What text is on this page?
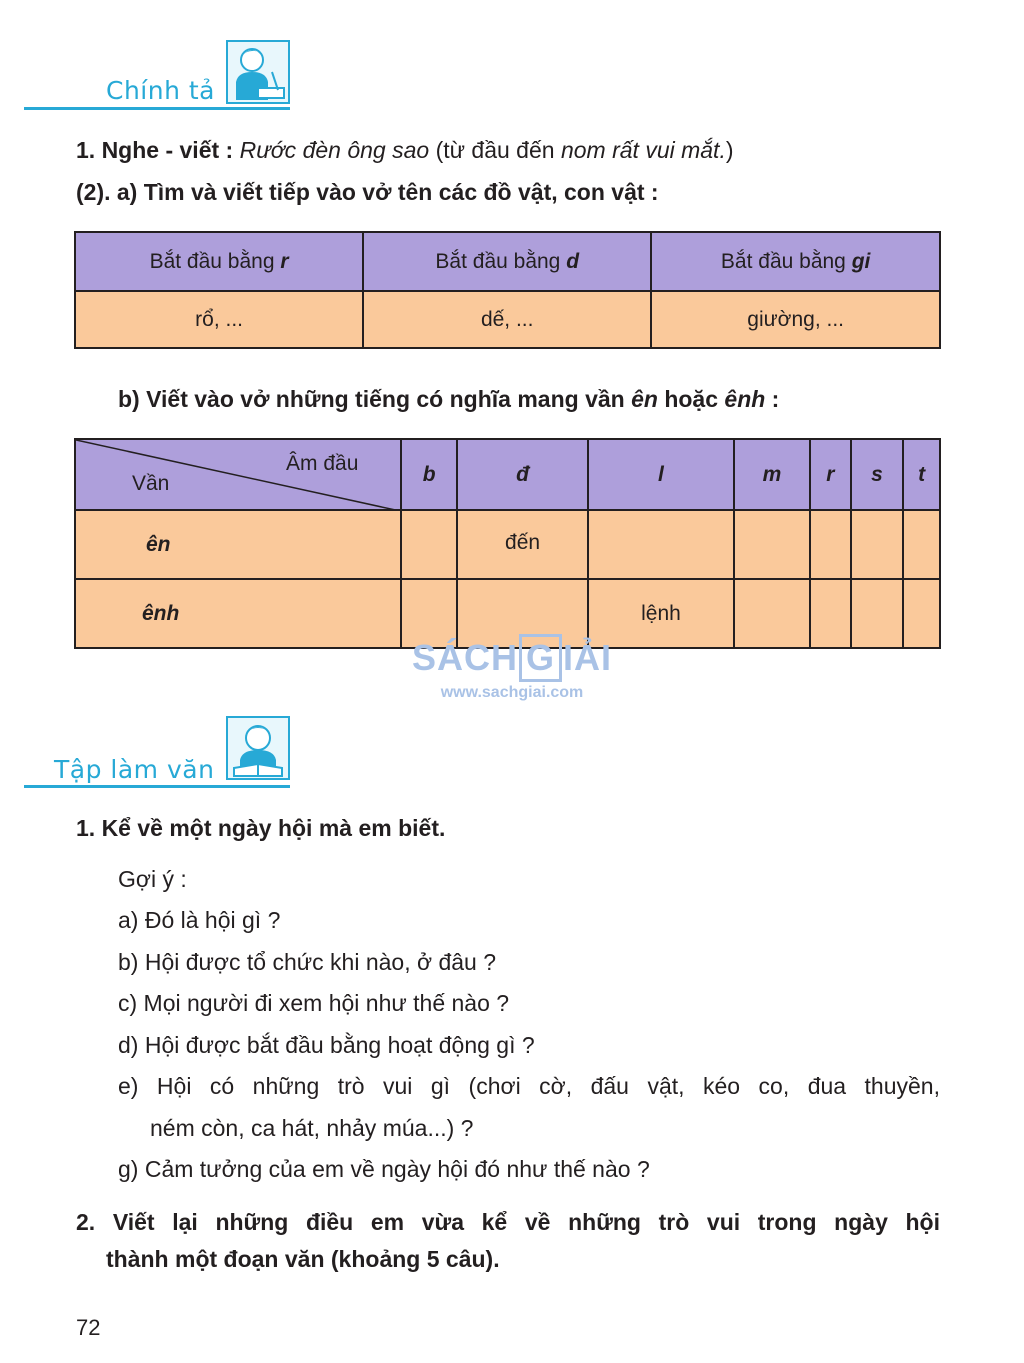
Chính tả
1. Nghe - viết : Rước đèn ông sao (từ đầu đến nom rất vui mắt.)
(2). a) Tìm và viết tiếp vào vở tên các đồ vật, con vật :
Bắt đầu bằng r	Bắt đầu bằng d	Bắt đầu bằng gi
rổ, ...	dế, ...	giường, ...
b) Viết vào vở những tiếng có nghĩa mang vần ên hoặc ênh :
Âm đầu
Vần	b	đ	l	m	r	s	t
ên		đến					
ênh			lệnh				
SÁCH G IẢI
www.sachgiai.com
Tập làm văn
1. Kể về một ngày hội mà em biết.
Gợi ý :
a) Đó là hội gì ?
b) Hội được tổ chức khi nào, ở đâu ?
c) Mọi người đi xem hội như thế nào ?
d) Hội được bắt đầu bằng hoạt động gì ?
e) Hội có những trò vui gì (chơi cờ, đấu vật, kéo co, đua thuyền,
ném còn, ca hát, nhảy múa...) ?
g) Cảm tưởng của em về ngày hội đó như thế nào ?
2. Viết lại những điều em vừa kể về những trò vui trong ngày hội
thành một đoạn văn (khoảng 5 câu).
72
